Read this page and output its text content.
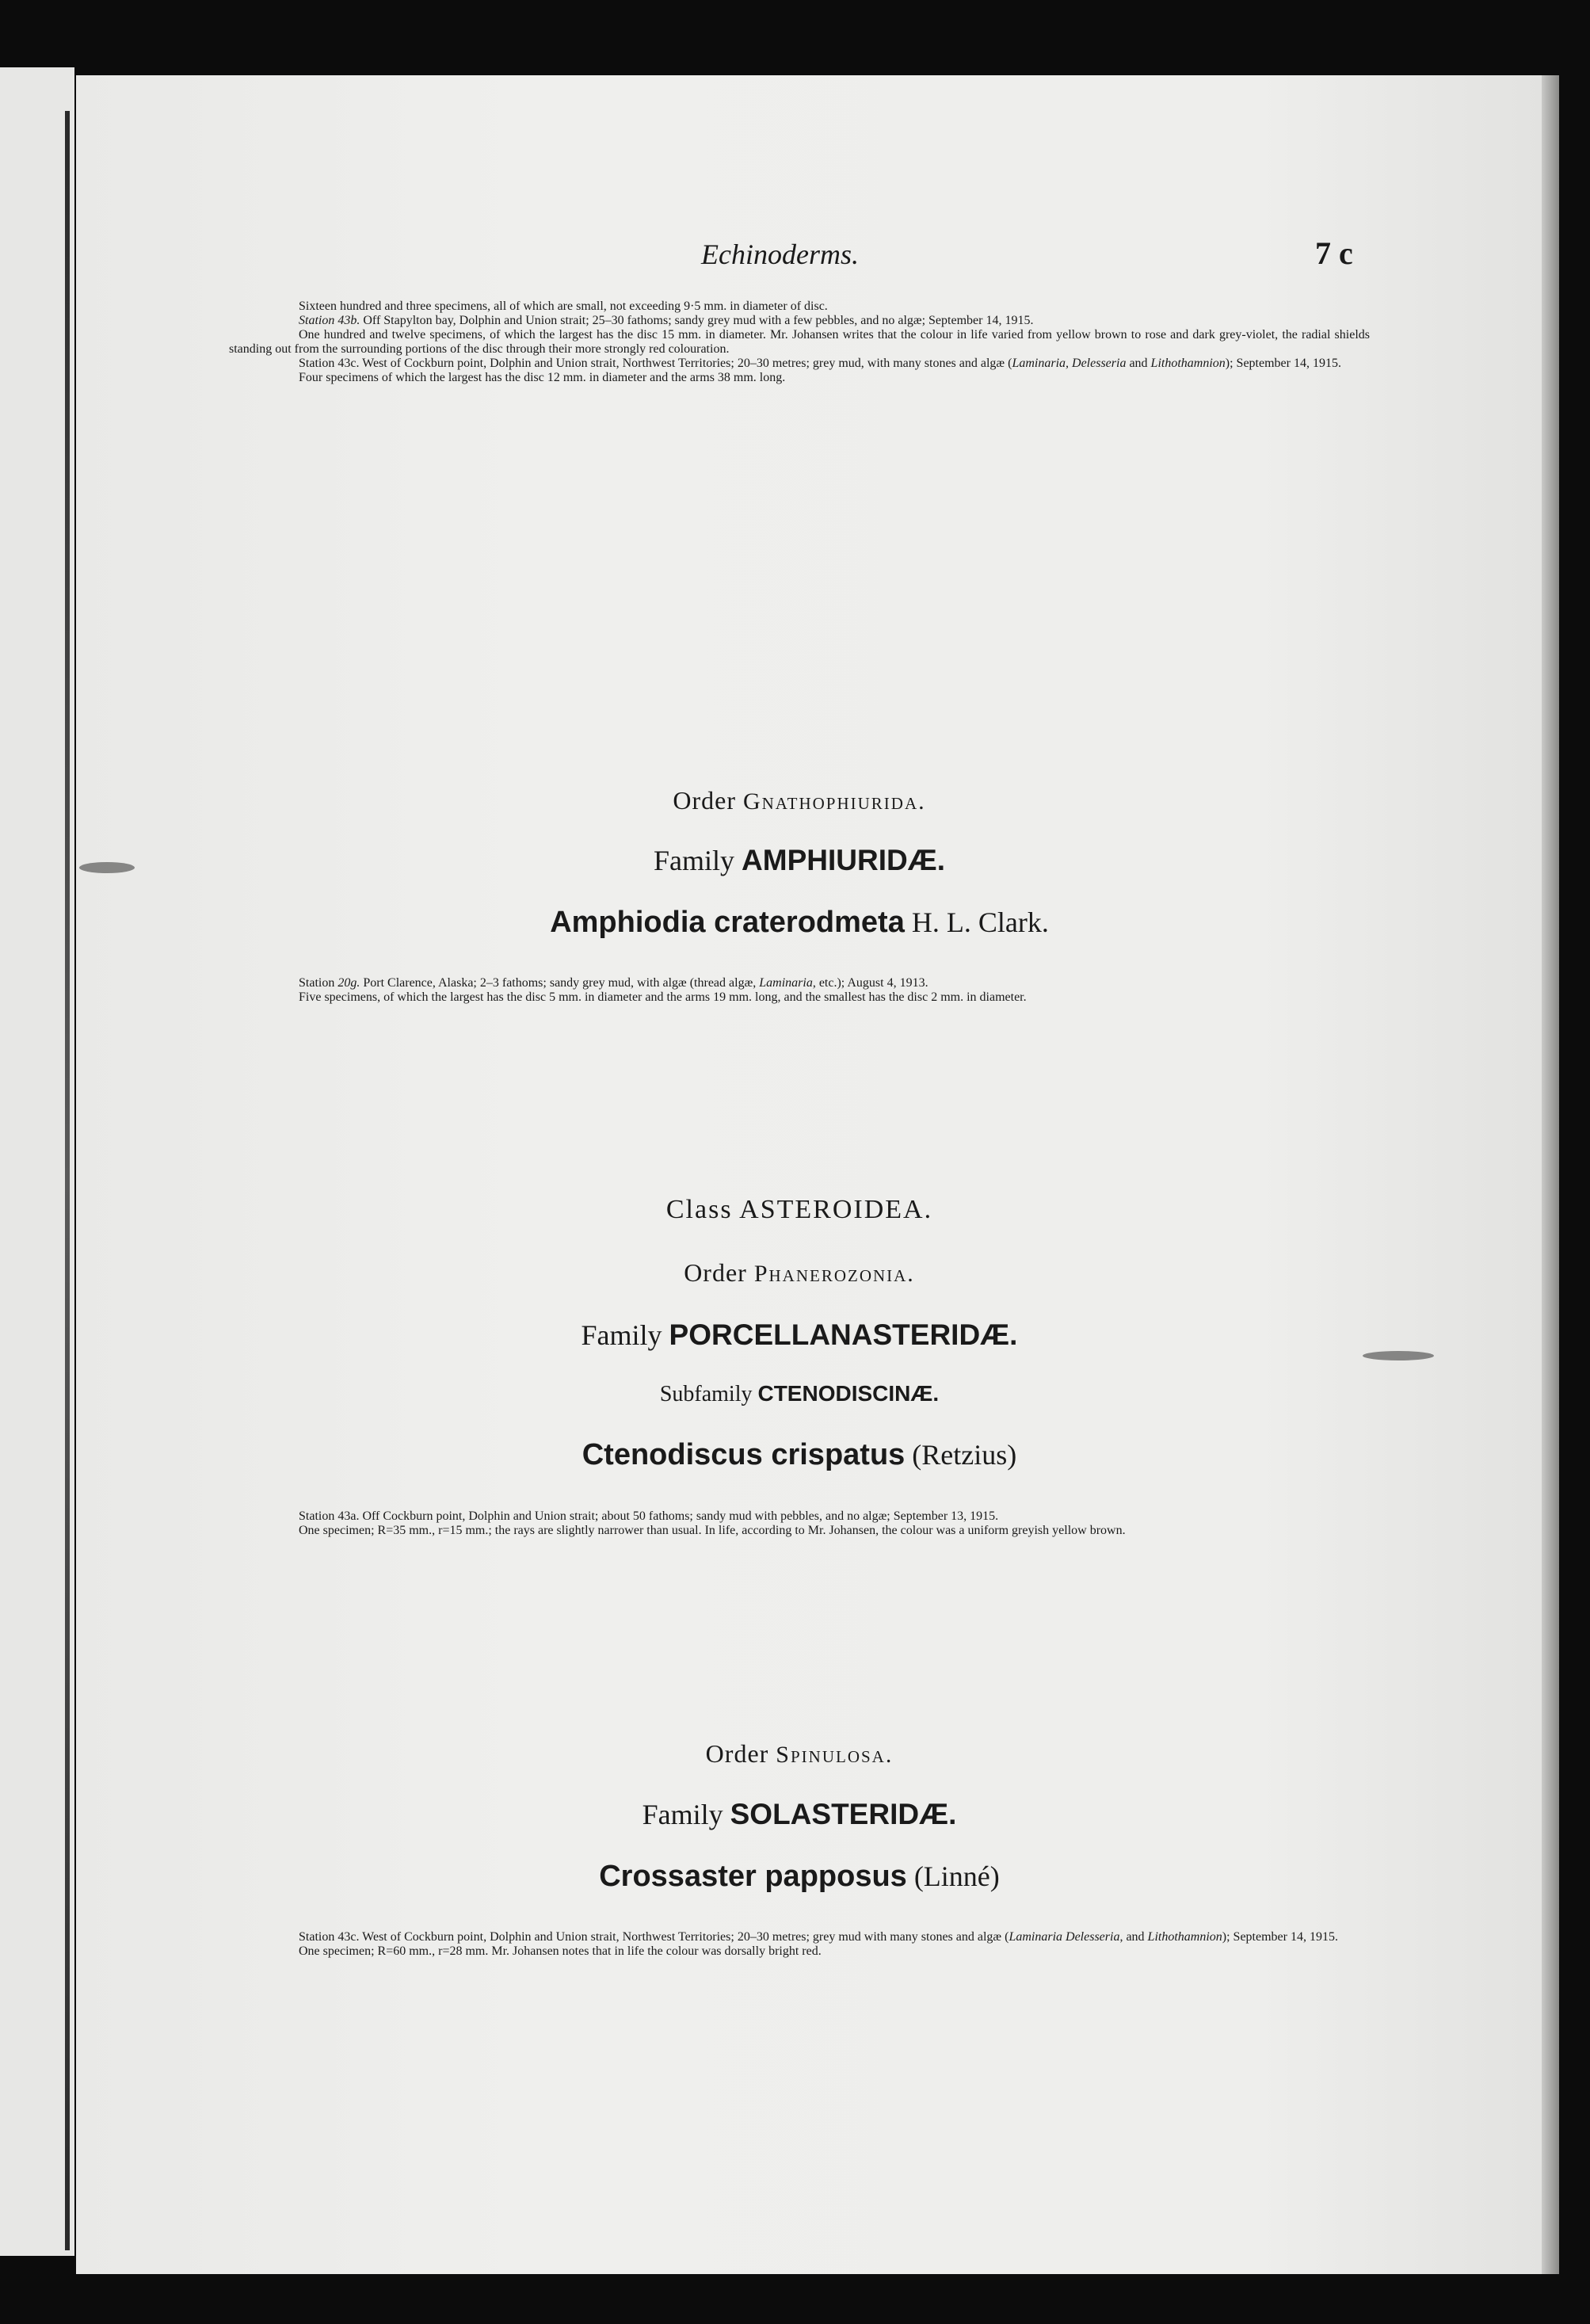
Echinoderms.	7 c

Sixteen hundred and three specimens, all of which are small, not exceeding 9·5 mm. in diameter of disc.

Station 43b. Off Stapylton bay, Dolphin and Union strait; 25–30 fathoms; sandy grey mud with a few pebbles, and no algæ; September 14, 1915.

One hundred and twelve specimens, of which the largest has the disc 15 mm. in diameter. Mr. Johansen writes that the colour in life varied from yellow brown to rose and dark grey-violet, the radial shields standing out from the surrounding portions of the disc through their more strongly red colouration.

Station 43c. West of Cockburn point, Dolphin and Union strait, Northwest Territories; 20–30 metres; grey mud, with many stones and algæ (Laminaria, Delesseria and Lithothamnion); September 14, 1915.

Four specimens of which the largest has the disc 12 mm. in diameter and the arms 38 mm. long.

Order Gnathophiurida.
Family AMPHIURIDÆ.
Amphiodia craterodmeta H. L. Clark.

Station 20g. Port Clarence, Alaska; 2–3 fathoms; sandy grey mud, with algæ (thread algæ, Laminaria, etc.); August 4, 1913.

Five specimens, of which the largest has the disc 5 mm. in diameter and the arms 19 mm. long, and the smallest has the disc 2 mm. in diameter.

Class ASTEROIDEA.
Order Phanerozonia.
Family PORCELLANASTERIDÆ.
Subfamily CTENODISCINÆ.
Ctenodiscus crispatus (Retzius)

Station 43a. Off Cockburn point, Dolphin and Union strait; about 50 fathoms; sandy mud with pebbles, and no algæ; September 13, 1915.

One specimen; R=35 mm., r=15 mm.; the rays are slightly narrower than usual. In life, according to Mr. Johansen, the colour was a uniform greyish yellow brown.

Order Spinulosa.
Family SOLASTERIDÆ.
Crossaster papposus (Linné)

Station 43c. West of Cockburn point, Dolphin and Union strait, Northwest Territories; 20–30 metres; grey mud with many stones and algæ (Laminaria Delesseria, and Lithothamnion); September 14, 1915.

One specimen; R=60 mm., r=28 mm. Mr. Johansen notes that in life the colour was dorsally bright red.
